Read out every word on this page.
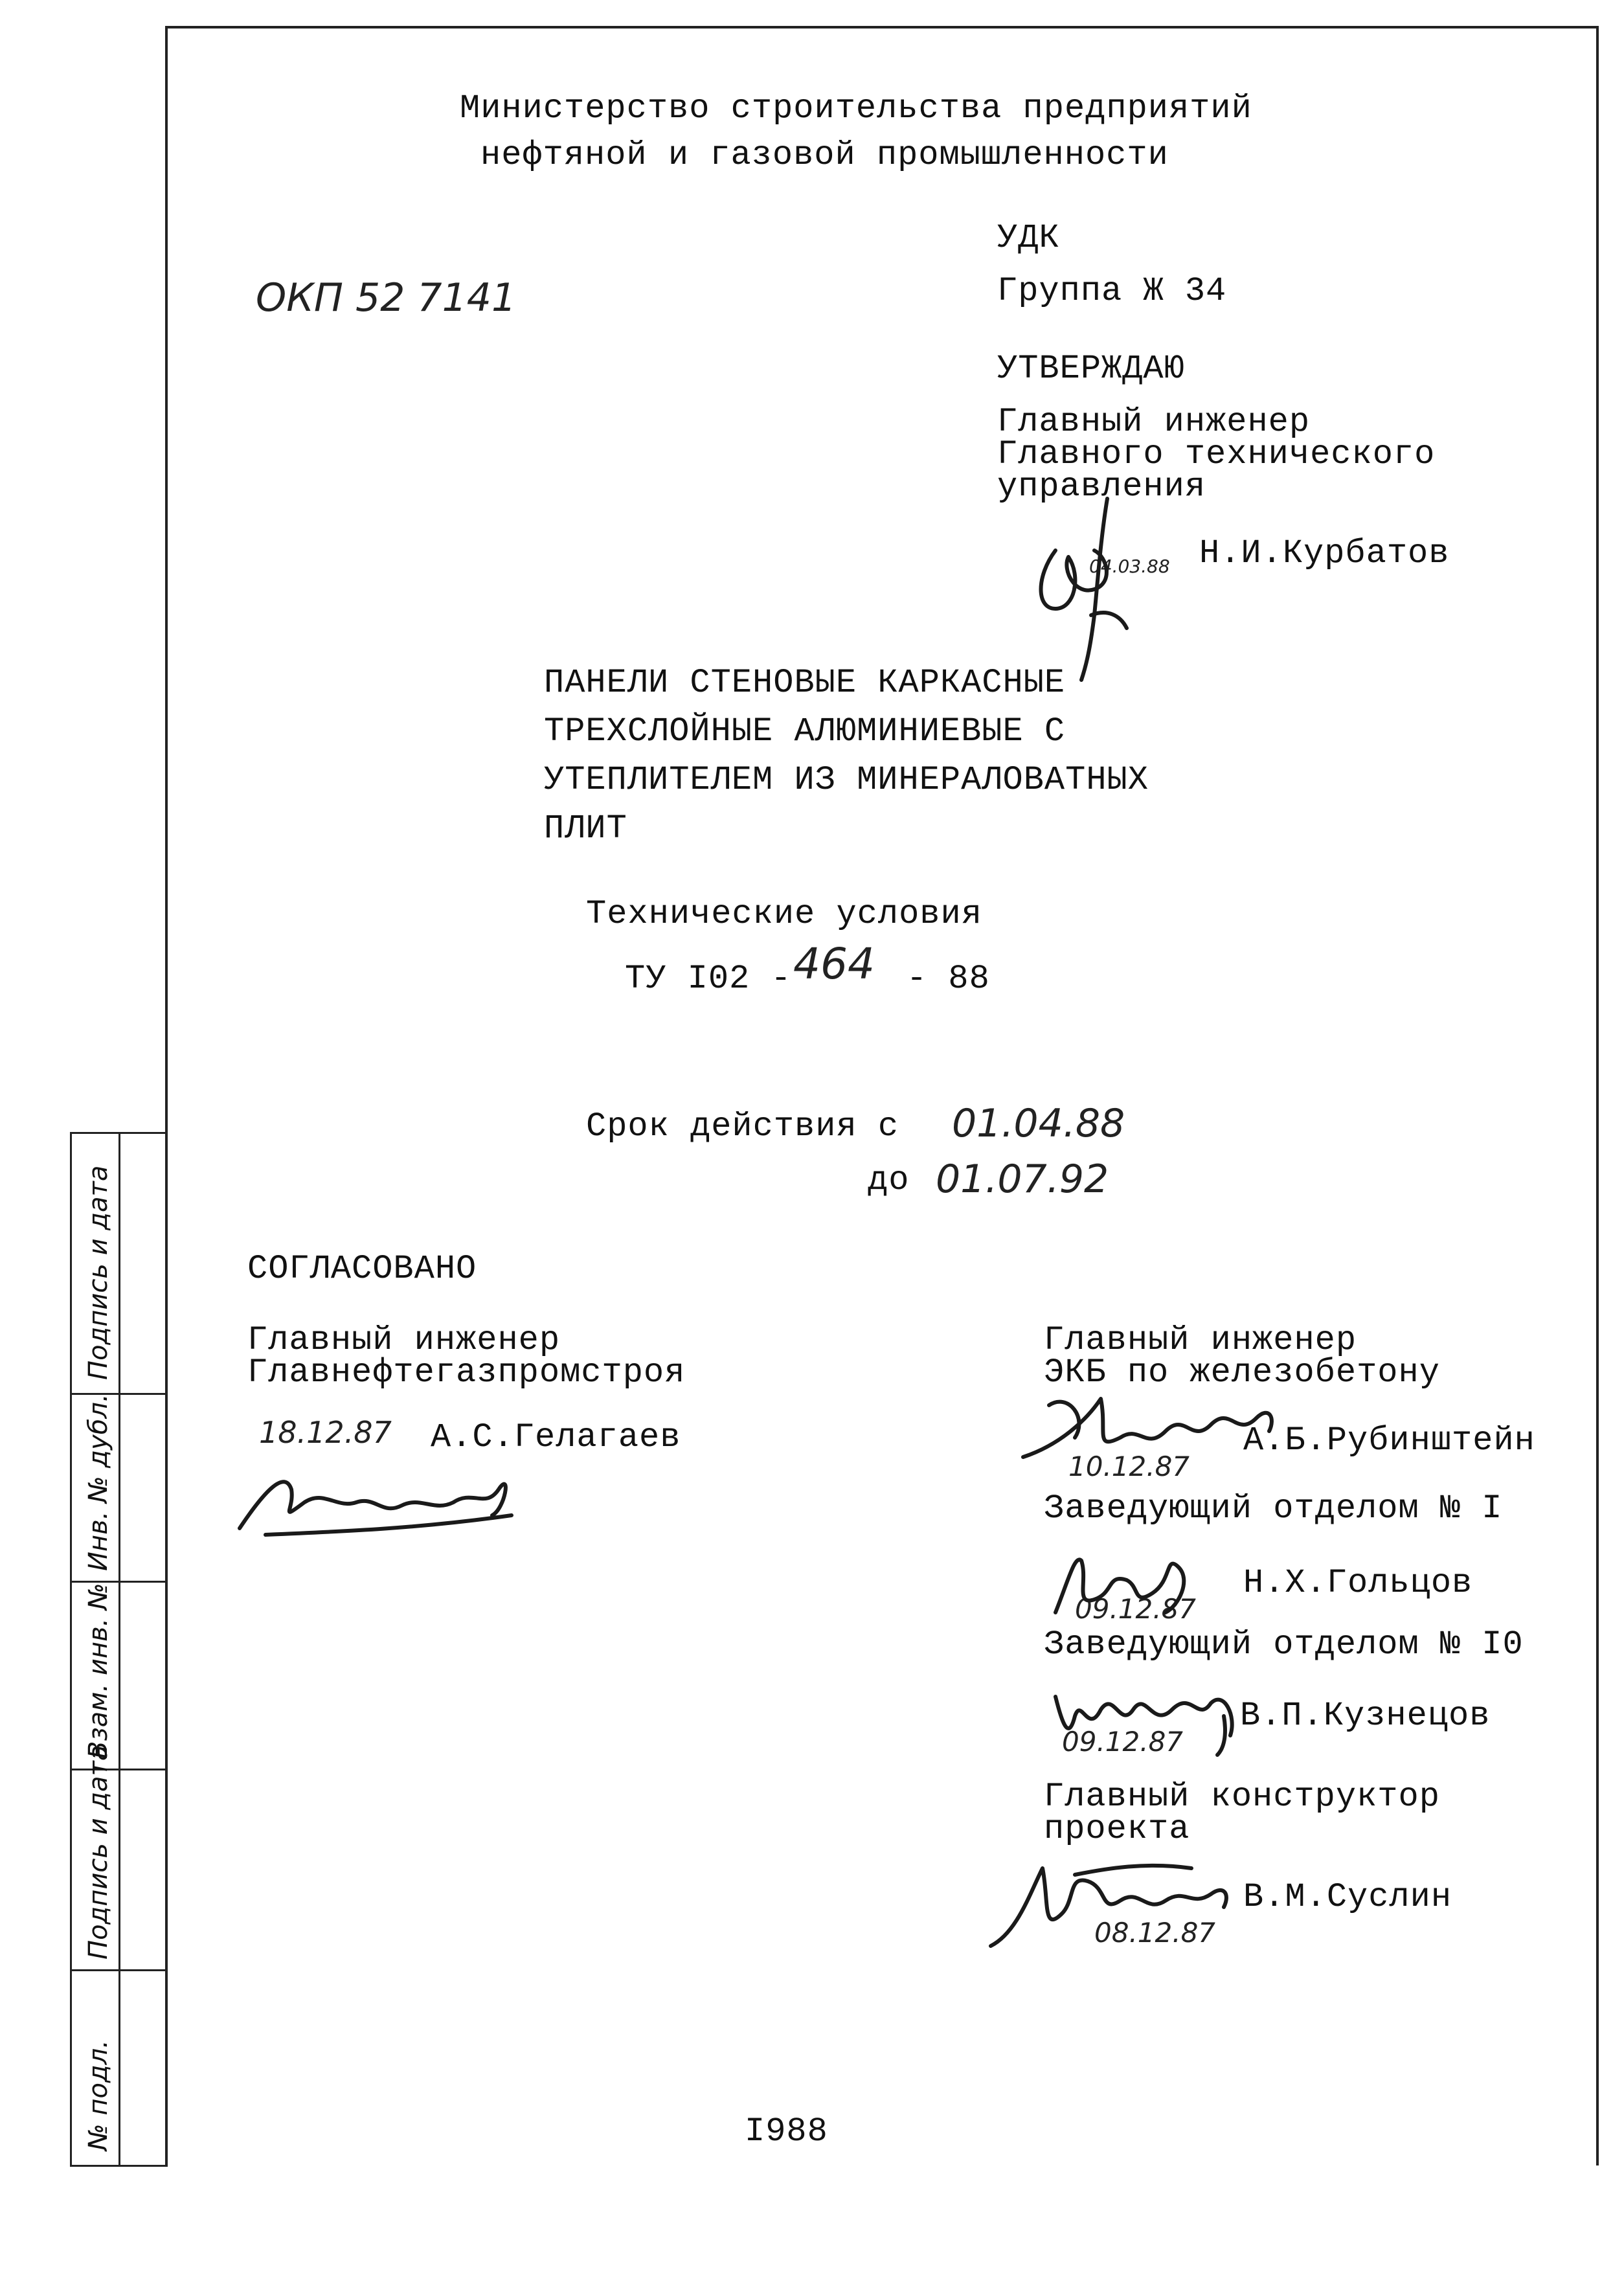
Министерство строительства предприятий
нефтяной и газовой промышленности
ОКП 52 7141
УДК
Группа Ж 34
УТВЕРЖДАЮ
Главный инженер
Главного технического
управления
04.03.88 Н.И.Курбатов
ПАНЕЛИ СТЕНОВЫЕ КАРКАСНЫЕ
ТРЕХСЛОЙНЫЕ АЛЮМИНИЕВЫЕ С
УТЕПЛИТЕЛЕМ ИЗ МИНЕРАЛОВАТНЫХ
ПЛИТ
Технические условия
ТУ I02 - 464 - 88
Срок действия с 01.04.88
до 01.07.92
СОГЛАСОВАНО
Главный инженер
Главнефтегазпромстроя
18.12.87 А.С.Гелагаев
Главный инженер
ЭКБ по железобетону
10.12.87
А.Б.Рубинштейн
Заведующий отделом № I
09.12.87
Н.Х.Гольцов
Заведующий отделом № I0
09.12.87
В.П.Кузнецов
Главный конструктор
проекта
08.12.87
В.М.Суслин
I988
Подпись и дата
Инв. № дубл.
Взам. инв. №
Подпись и дата
№ подл.
